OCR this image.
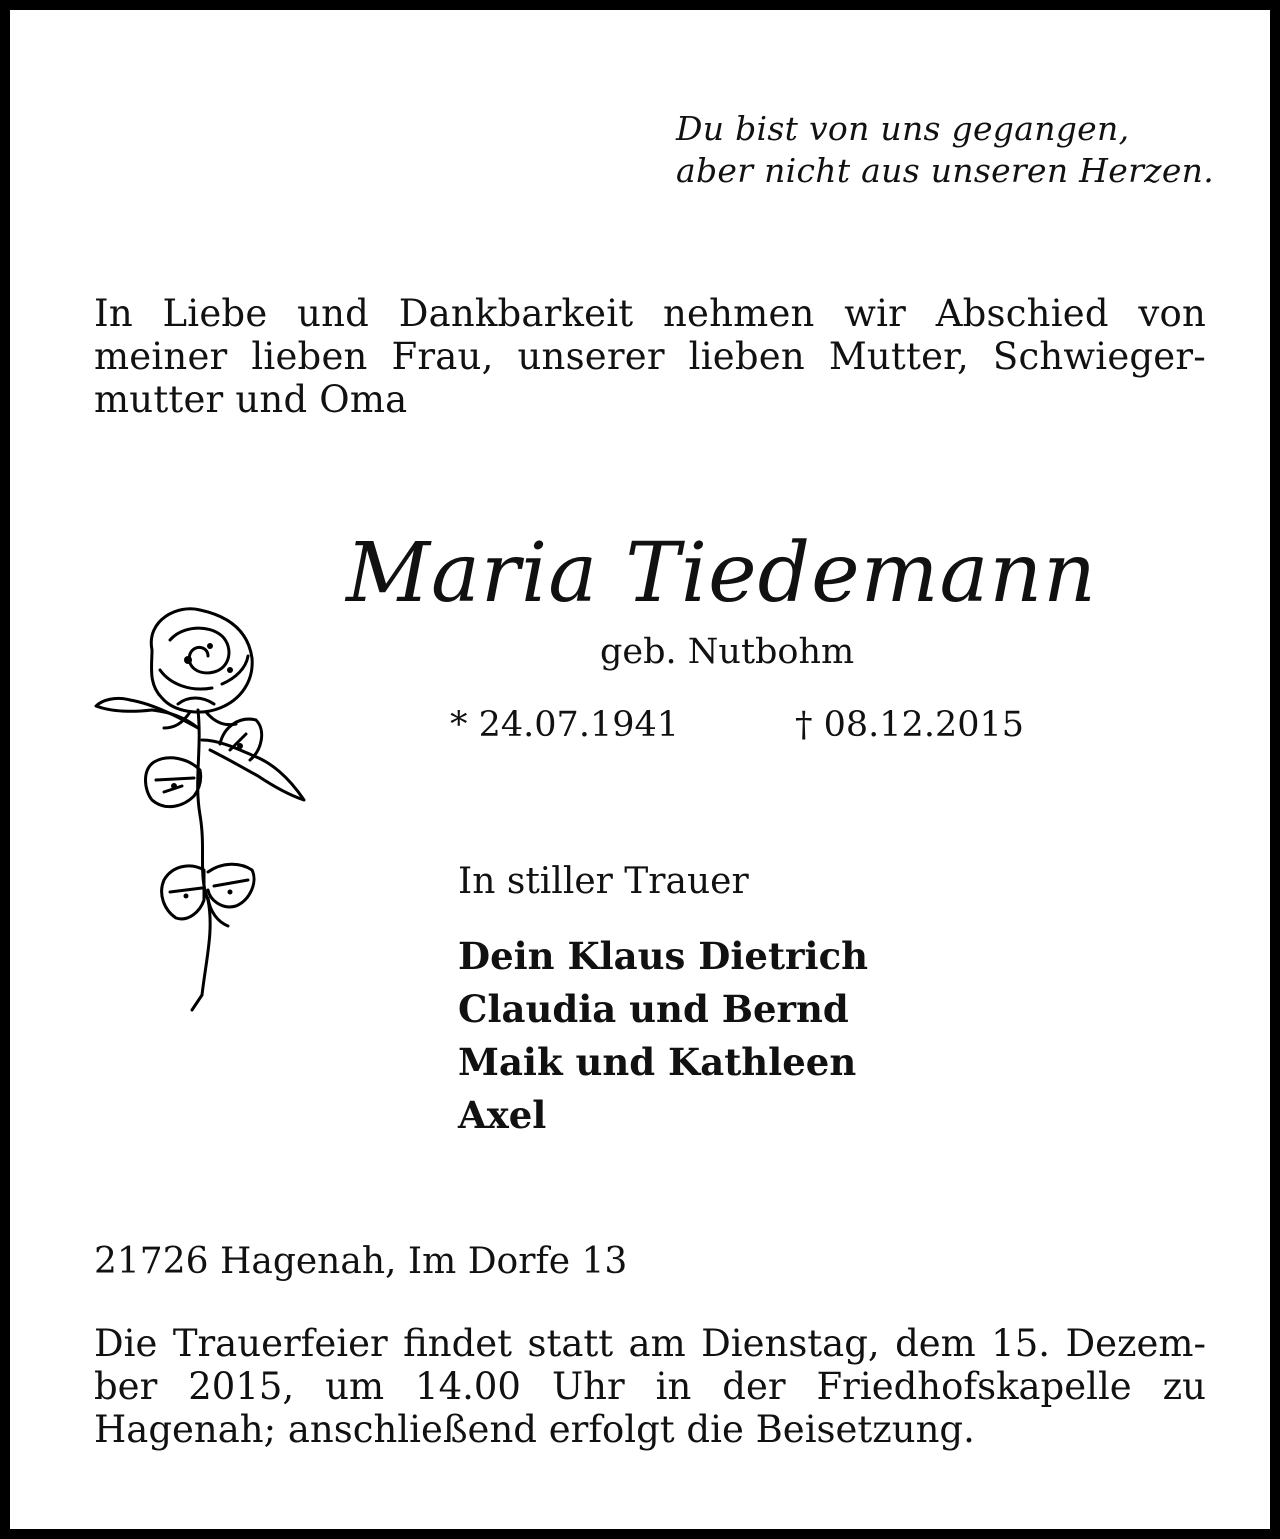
Du bist von uns gegangen,
aber nicht aus unseren Herzen.
In Liebe und Dankbarkeit nehmen wir Abschied von
meiner lieben Frau, unserer lieben Mutter, Schwieger-
mutter und Oma
Maria Tiedemann
geb. Nutbohm
* 24.07.1941	† 08.12.2015
In stiller Trauer
Dein Klaus Dietrich
Claudia und Bernd
Maik und Kathleen
Axel
21726 Hagenah, Im Dorfe 13
Die Trauerfeier findet statt am Dienstag, dem 15. Dezem-
ber 2015, um 14.00 Uhr in der Friedhofskapelle zu
Hagenah; anschließend erfolgt die Beisetzung.
